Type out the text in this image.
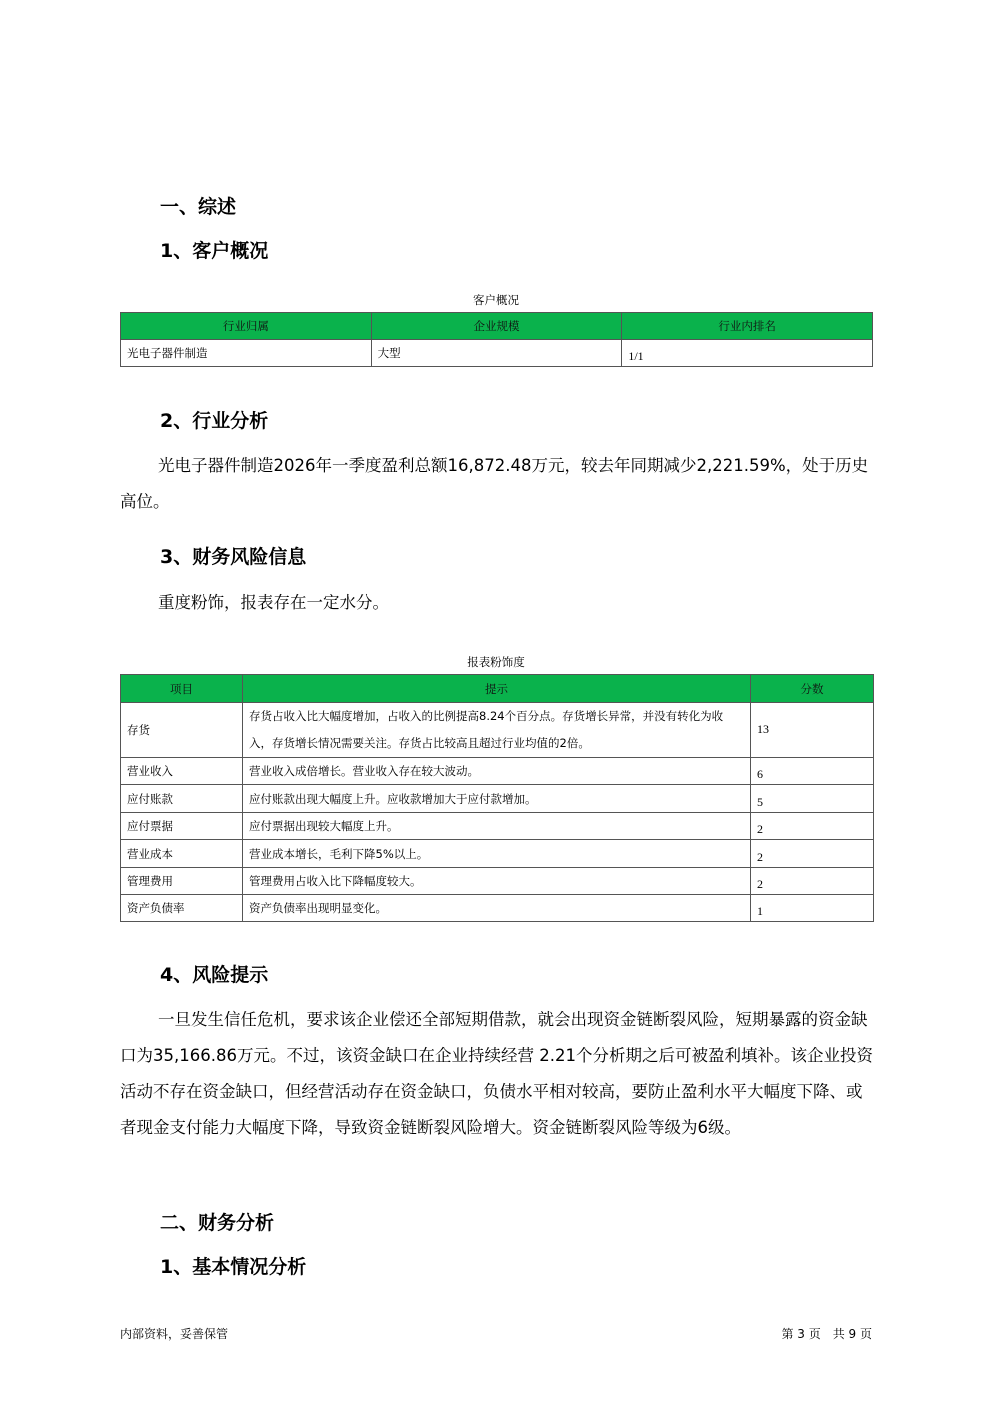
一、综述
1、客户概况
客户概况
行业归属	企业规模	行业内排名
光电子器件制造	大型	1/1
2、行业分析
光电子器件制造2026年一季度盈利总额16,872.48万元，较去年同期减少2,221.59%，处于历史高位。
3、财务风险信息
重度粉饰，报表存在一定水分。
报表粉饰度
项目	提示	分数
存货	存货占收入比大幅度增加，占收入的比例提高8.24个百分点。存货增长异常，并没有转化为收入，存货增长情况需要关注。存货占比较高且超过行业均值的2倍。	13
营业收入	营业收入成倍增长。营业收入存在较大波动。	6
应付账款	应付账款出现大幅度上升。应收款增加大于应付款增加。	5
应付票据	应付票据出现较大幅度上升。	2
营业成本	营业成本增长，毛利下降5%以上。	2
管理费用	管理费用占收入比下降幅度较大。	2
资产负债率	资产负债率出现明显变化。	1
4、风险提示
一旦发生信任危机，要求该企业偿还全部短期借款，就会出现资金链断裂风险，短期暴露的资金缺口为35,166.86万元。不过，该资金缺口在企业持续经营 2.21个分析期之后可被盈利填补。该企业投资活动不存在资金缺口，但经营活动存在资金缺口，负债水平相对较高，要防止盈利水平大幅度下降、或者现金支付能力大幅度下降，导致资金链断裂风险增大。资金链断裂风险等级为6级。
二、财务分析
1、基本情况分析
内部资料，妥善保管	第 3 页　共 9 页
